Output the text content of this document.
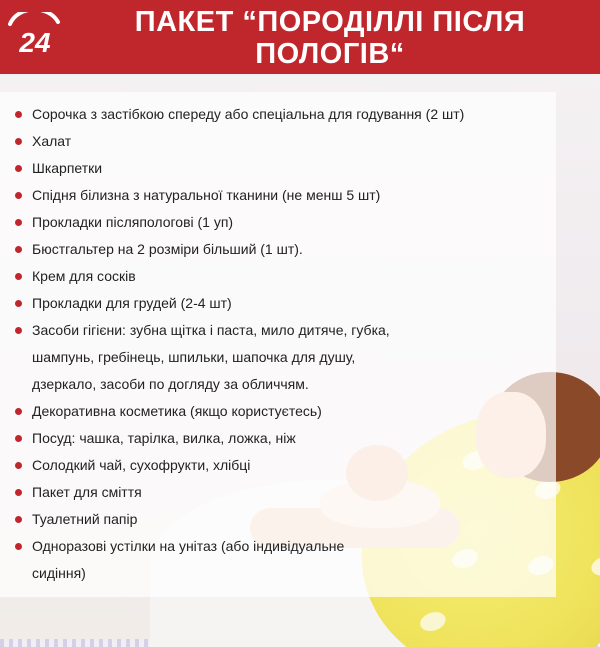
24
ПАКЕТ “ПОРОДІЛЛІ ПІСЛЯ
ПОЛОГІВ“
Сорочка з застібкою спереду або спеціальна для годування (2 шт)
Халат
Шкарпетки
Спідня білизна з натуральної тканини (не менш 5 шт)
Прокладки післяпологові (1 уп)
Бюстгальтер на 2 розміри більший (1 шт).
Крем для сосків
Прокладки для грудей (2-4 шт)
Засоби гігієни: зубна щітка і паста, мило дитяче, губка,
шампунь, гребінець, шпильки, шапочка для душу,
дзеркало, засоби по догляду за обличчям.
Декоративна косметика (якщо користуєтесь)
Посуд: чашка, тарілка, вилка, ложка, ніж
Солодкий чай, сухофрукти, хлібці
Пакет для сміття
Туалетний папір
Одноразові устілки на унітаз (або індивідуальне
сидіння)
